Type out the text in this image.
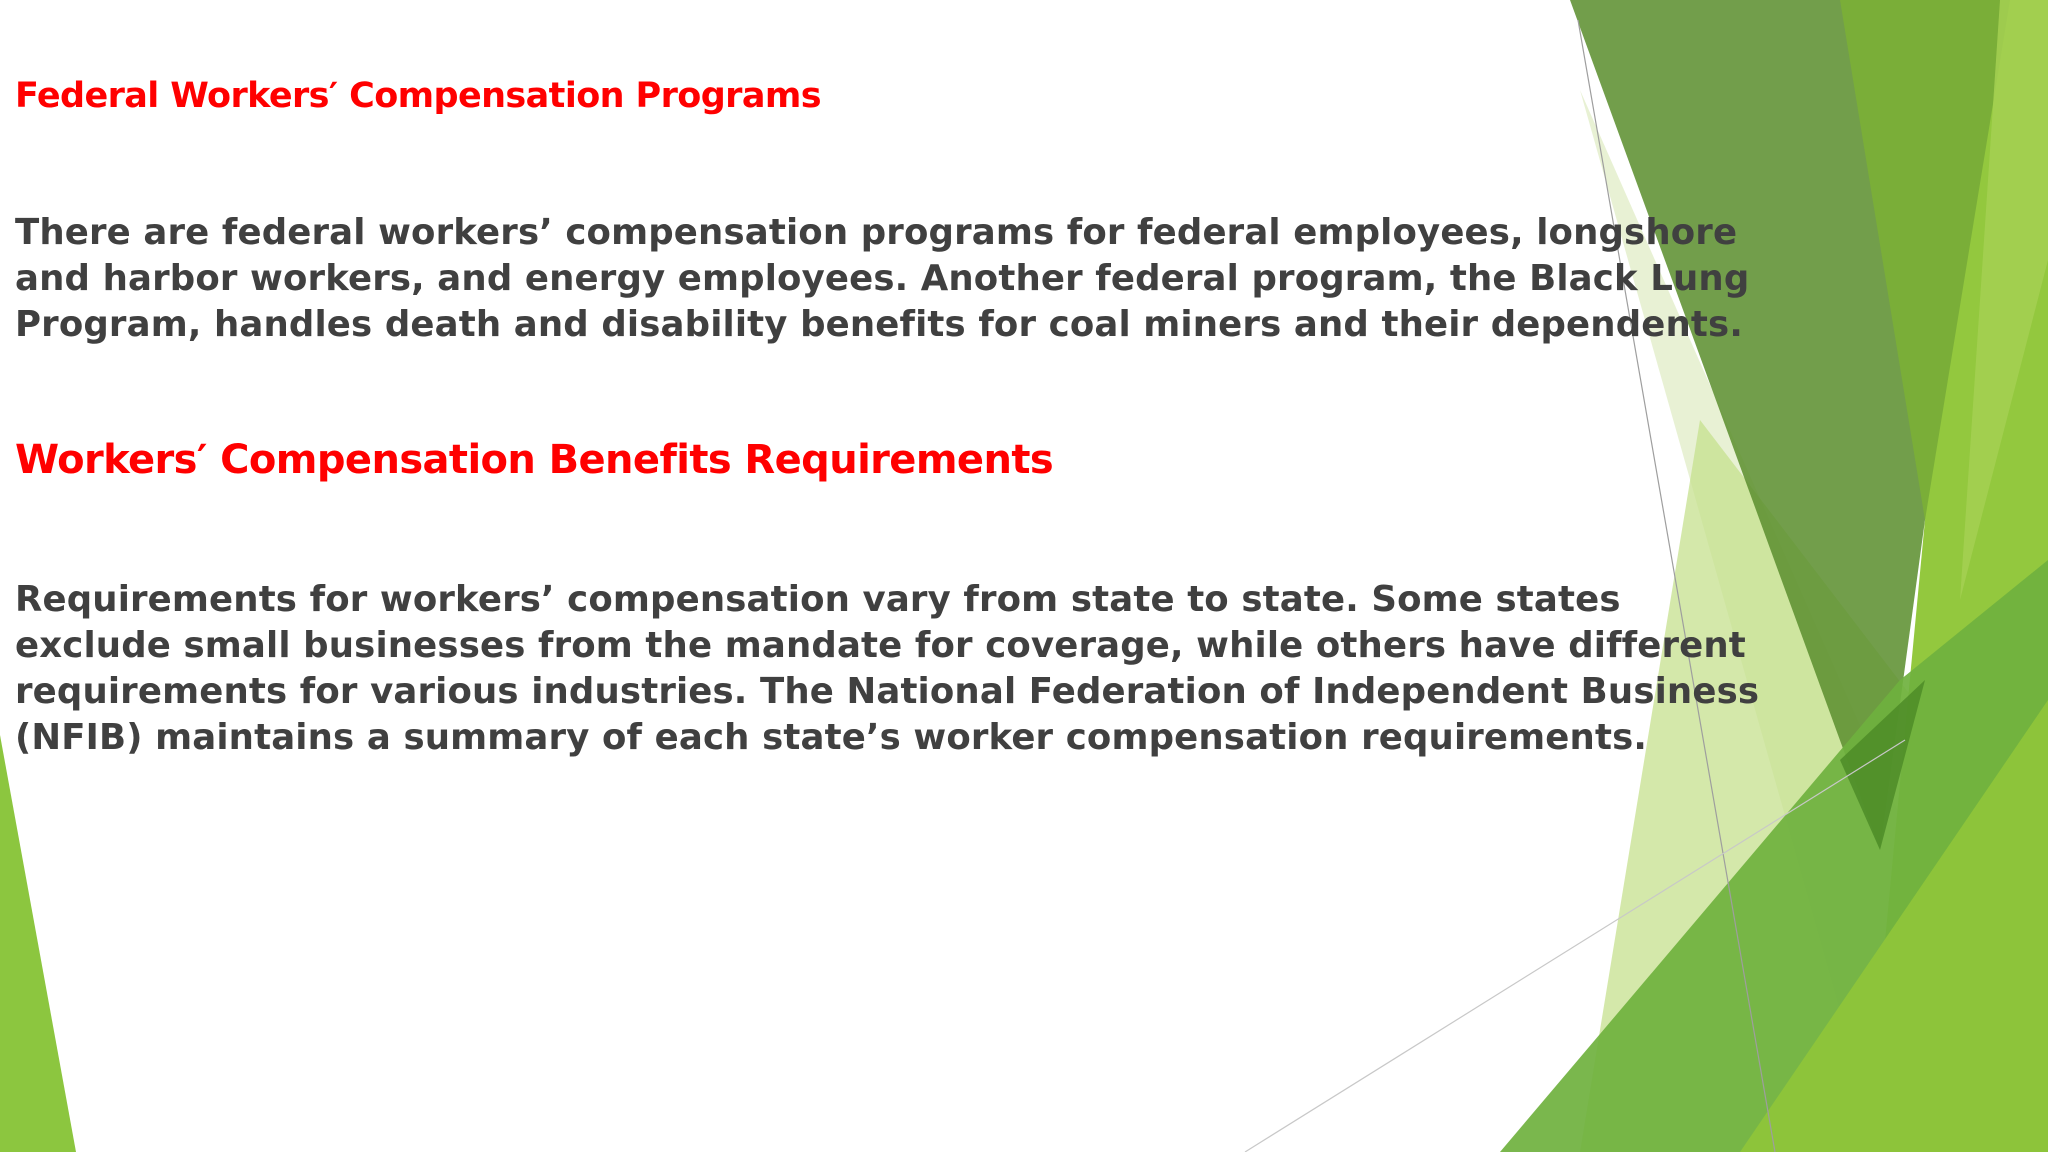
Federal Workers′ Compensation Programs

There are federal workers’ compensation programs for federal employees, longshore
and harbor workers, and energy employees. Another federal program, the Black Lung
Program, handles death and disability benefits for coal miners and their dependents.

Workers′ Compensation Benefits Requirements

Requirements for workers’ compensation vary from state to state. Some states
exclude small businesses from the mandate for coverage, while others have different
requirements for various industries. The National Federation of Independent Business
(NFIB) maintains a summary of each state’s worker compensation requirements.
